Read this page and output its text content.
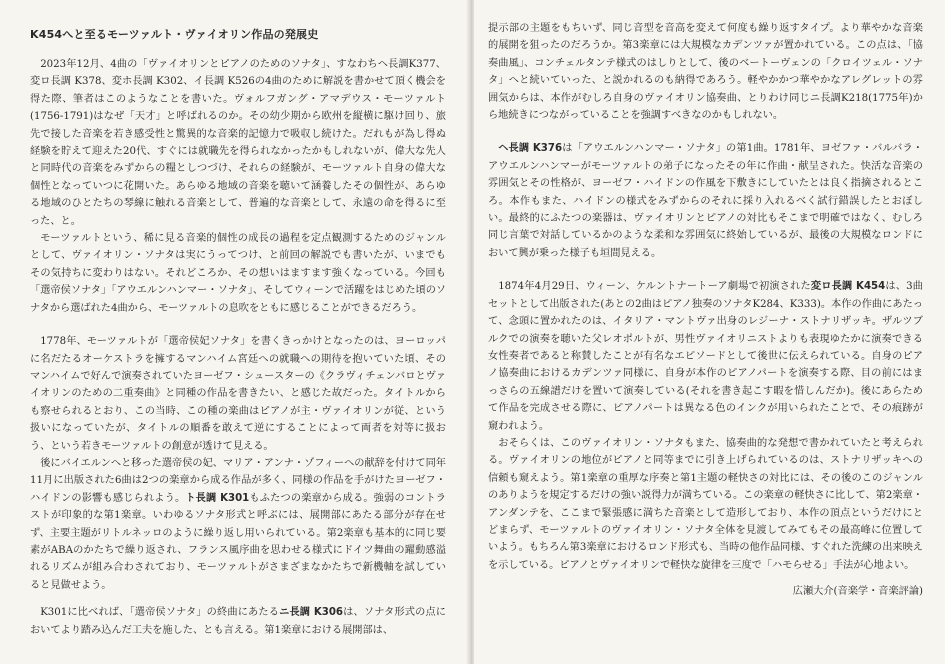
K454へと至るモーツァルト・ヴァイオリン作品の発展史

2023年12月、4曲の「ヴァイオリンとピアノのためのソナタ」、すなわちヘ長調K377、変ロ長調 K378、変ホ長調 K302、イ長調 K526の4曲のために解説を書かせて頂く機会を得た際、筆者はこのようなことを書いた。ヴォルフガング・アマデウス・モーツァルト(1756-1791)はなぜ「天才」と呼ばれるのか。その幼少期から欧州を縦横に駆け回り、旅先で接した音楽を若き感受性と驚異的な音楽的記憶力で吸収し続けた。だれもが為し得ぬ経験を貯えて迎えた20代、すぐには就職先を得られなかったかもしれないが、偉大な先人と同時代の音楽をみずからの糧としつづけ、それらの経験が、モーツァルト自身の偉大な個性となっていつに花開いた。あらゆる地域の音楽を聴いて涵養したその個性が、あらゆる地域のひとたちの琴線に触れる音楽として、普遍的な音楽として、永遠の命を得るに至った、と。

モーツァルトという、稀に見る音楽的個性の成長の過程を定点観測するためのジャンルとして、ヴァイオリン・ソナタは実にうってつけ、と前回の解説でも書いたが、いまでもその気持ちに変わりはない。それどころか、その想いはますます強くなっている。今回も「選帝侯ソナタ」「アウエルンハンマー・ソナタ」、そしてウィーンで活躍をはじめた頃のソナタから選ばれた4曲から、モーツァルトの息吹をともに感じることができるだろう。

1778年、モーツァルトが「選帝侯妃ソナタ」を書くきっかけとなったのは、ヨーロッパに名だたるオーケストラを擁するマンハイム宮廷への就職への期待を抱いていた頃、そのマンハイムで好んで演奏されていたヨーゼフ・シュースターの《クラヴィチェンバロとヴァイオリンのための二重奏曲》と同種の作品を書きたい、と感じた故だった。タイトルからも察せられるとおり、この当時、この種の楽曲はピアノが主・ヴァイオリンが従、という扱いになっていたが、タイトルの順番を敢えて逆にすることによって両者を対等に扱おう、という若きモーツァルトの創意が透けて見える。

後にバイエルンへと移った選帝侯の妃、マリア・アンナ・ゾフィーへの献辞を付けて同年11月に出版された6曲は2つの楽章から成る作品が多く、同様の作品を手がけたヨーゼフ・ハイドンの影響も感じられよう。ト長調 K301もふたつの楽章から成る。強弱のコントラストが印象的な第1楽章。いわゆるソナタ形式と呼ぶには、展開部にあたる部分が存在せず、主要主題がリトルネッロのように繰り返し用いられている。第2楽章も基本的に同じ要素がABAのかたちで繰り返され、フランス風序曲を思わせる様式にドイツ舞曲の躍動感溢れるリズムが組み合わされており、モーツァルトがさまざまなかたちで新機軸を試していると見做せよう。

K301に比べれば、「選帝侯ソナタ」の終曲にあたるニ長調 K306は、ソナタ形式の点においてより踏み込んだ工夫を施した、とも言える。第1楽章における展開部は、

提示部の主題をもちいず、同じ音型を音高を変えて何度も繰り返すタイプ。より華やかな音楽的展開を狙ったのだろうか。第3楽章には大規模なカデンツァが置かれている。この点は、「協奏曲風」、コンチェルタンテ様式のはしりとして、後のベートーヴェンの「クロイツェル・ソナタ」へと続いていった、と説かれるのも納得であろう。軽やかかつ華やかなアレグレットの雰囲気からは、本作がむしろ自身のヴァイオリン協奏曲、とりわけ同じニ長調K218(1775年)から地続きにつながっていることを強調すべきなのかもしれない。

ヘ長調 K376は「アウエルンハンマー・ソナタ」の第1曲。1781年、ヨゼファ・バルバラ・アウエルンハンマーがモーツァルトの弟子になったその年に作曲・献呈された。快活な音楽の雰囲気とその性格が、ヨーゼフ・ハイドンの作風を下敷きにしていたとは良く指摘されるところ。本作もまた、ハイドンの様式をみずからのそれに採り入れるべく試行錯誤したとおぼしい。最終的にふたつの楽器は、ヴァイオリンとピアノの対比もそこまで明確ではなく、むしろ同じ言葉で対話しているかのような柔和な雰囲気に終始しているが、最後の大規模なロンドにおいて興が乗った様子も垣間見える。

1874年4月29日、ウィーン、ケルントナートーア劇場で初演された変ロ長調 K454は、3曲セットとして出版された(あとの2曲はピアノ独奏のソナタK284、K333)。本作の作曲にあたって、念頭に置かれたのは、イタリア・マントヴァ出身のレジーナ・ストナリザッキ。ザルツブルクでの演奏を聴いた父レオポルトが、男性ヴァイオリニストよりも表現ゆたかに演奏できる女性奏者であると称賛したことが有名なエピソードとして後世に伝えられている。自身のピアノ協奏曲におけるカデンツァ同様に、自身が本作のピアノパートを演奏する際、目の前にはまっさらの五線譜だけを置いて演奏している(それを書き起こす暇を惜しんだか)。後にあらためて作品を完成させる際に、ピアノパートは異なる色のインクが用いられたことで、その痕跡が窺われよう。

おそらくは、このヴァイオリン・ソナタもまた、協奏曲的な発想で書かれていたと考えられる。ヴァイオリンの地位がピアノと同等までに引き上げられているのは、ストナリザッキへの信頼も窺えよう。第1楽章の重厚な序奏と第1主題の軽快さの対比には、その後のこのジャンルのありようを規定するだけの強い説得力が満ちている。この楽章の軽快さに比して、第2楽章・アンダンテを、ここまで緊張感に満ちた音楽として造形しており、本作の頂点というだけにとどまらず、モーツァルトのヴァイオリン・ソナタ全体を見渡してみてもその最高峰に位置していよう。もちろん第3楽章におけるロンド形式も、当時の他作品同様、すぐれた洗練の出来映えを示している。ピアノとヴァイオリンで軽快な旋律を三度で「ハモらせる」手法が心地よい。

広瀬大介(音楽学・音楽評論)
